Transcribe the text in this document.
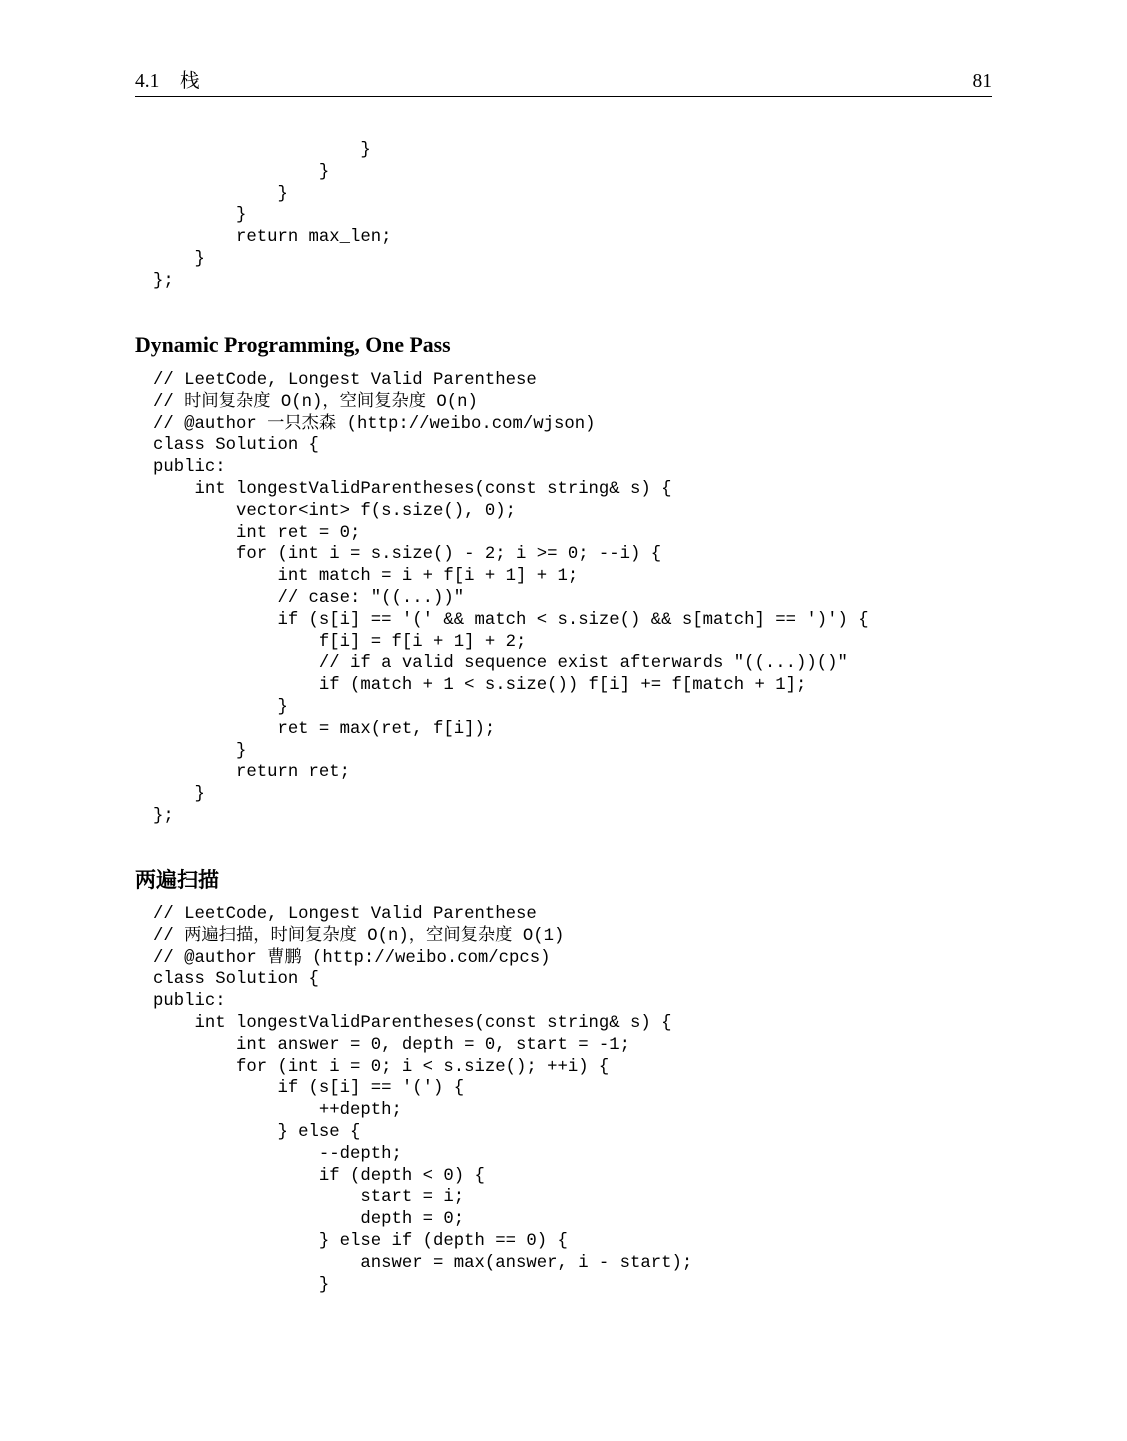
4.1 栈	81
}
}
}
}
return max_len;
}
};
Dynamic Programming, One Pass
// LeetCode, Longest Valid Parenthese
// 时间复杂度 O(n)，空间复杂度 O(n)
// @author 一只杰森 (http://weibo.com/wjson)
class Solution {
public:
int longestValidParentheses(const string& s) {
vector<int> f(s.size(), 0);
int ret = 0;
for (int i = s.size() - 2; i >= 0; --i) {
int match = i + f[i + 1] + 1;
// case: "((...))"
if (s[i] == '(' && match < s.size() && s[match] == ')') {
f[i] = f[i + 1] + 2;
// if a valid sequence exist afterwards "((...))()"
if (match + 1 < s.size()) f[i] += f[match + 1];
}
ret = max(ret, f[i]);
}
return ret;
}
};
两遍扫描
// LeetCode, Longest Valid Parenthese
// 两遍扫描，时间复杂度 O(n)，空间复杂度 O(1)
// @author 曹鹏 (http://weibo.com/cpcs)
class Solution {
public:
int longestValidParentheses(const string& s) {
int answer = 0, depth = 0, start = -1;
for (int i = 0; i < s.size(); ++i) {
if (s[i] == '(') {
++depth;
} else {
--depth;
if (depth < 0) {
start = i;
depth = 0;
} else if (depth == 0) {
answer = max(answer, i - start);
}
